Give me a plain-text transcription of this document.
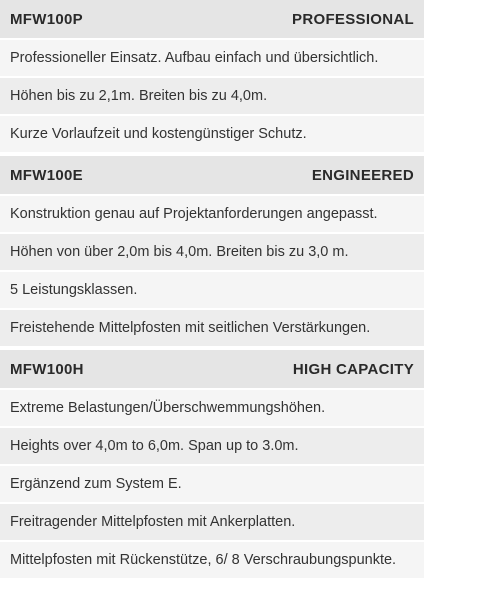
MFW100P	PROFESSIONAL
Professioneller Einsatz. Aufbau einfach und übersichtlich.
Höhen bis zu 2,1m. Breiten bis zu 4,0m.
Kurze Vorlaufzeit und kostengünstiger Schutz.
MFW100E	ENGINEERED
Konstruktion genau auf Projektanforderungen angepasst.
Höhen von über 2,0m bis 4,0m. Breiten bis zu 3,0 m.
5 Leistungsklassen.
Freistehende Mittelpfosten mit seitlichen Verstärkungen.
MFW100H	HIGH CAPACITY
Extreme Belastungen/Überschwemmungshöhen.
Heights over 4,0m to 6,0m. Span up to 3.0m.
Ergänzend zum System E.
Freitragender Mittelpfosten mit Ankerplatten.
Mittelpfosten mit Rückenstütze, 6/ 8 Verschraubungspunkte.
